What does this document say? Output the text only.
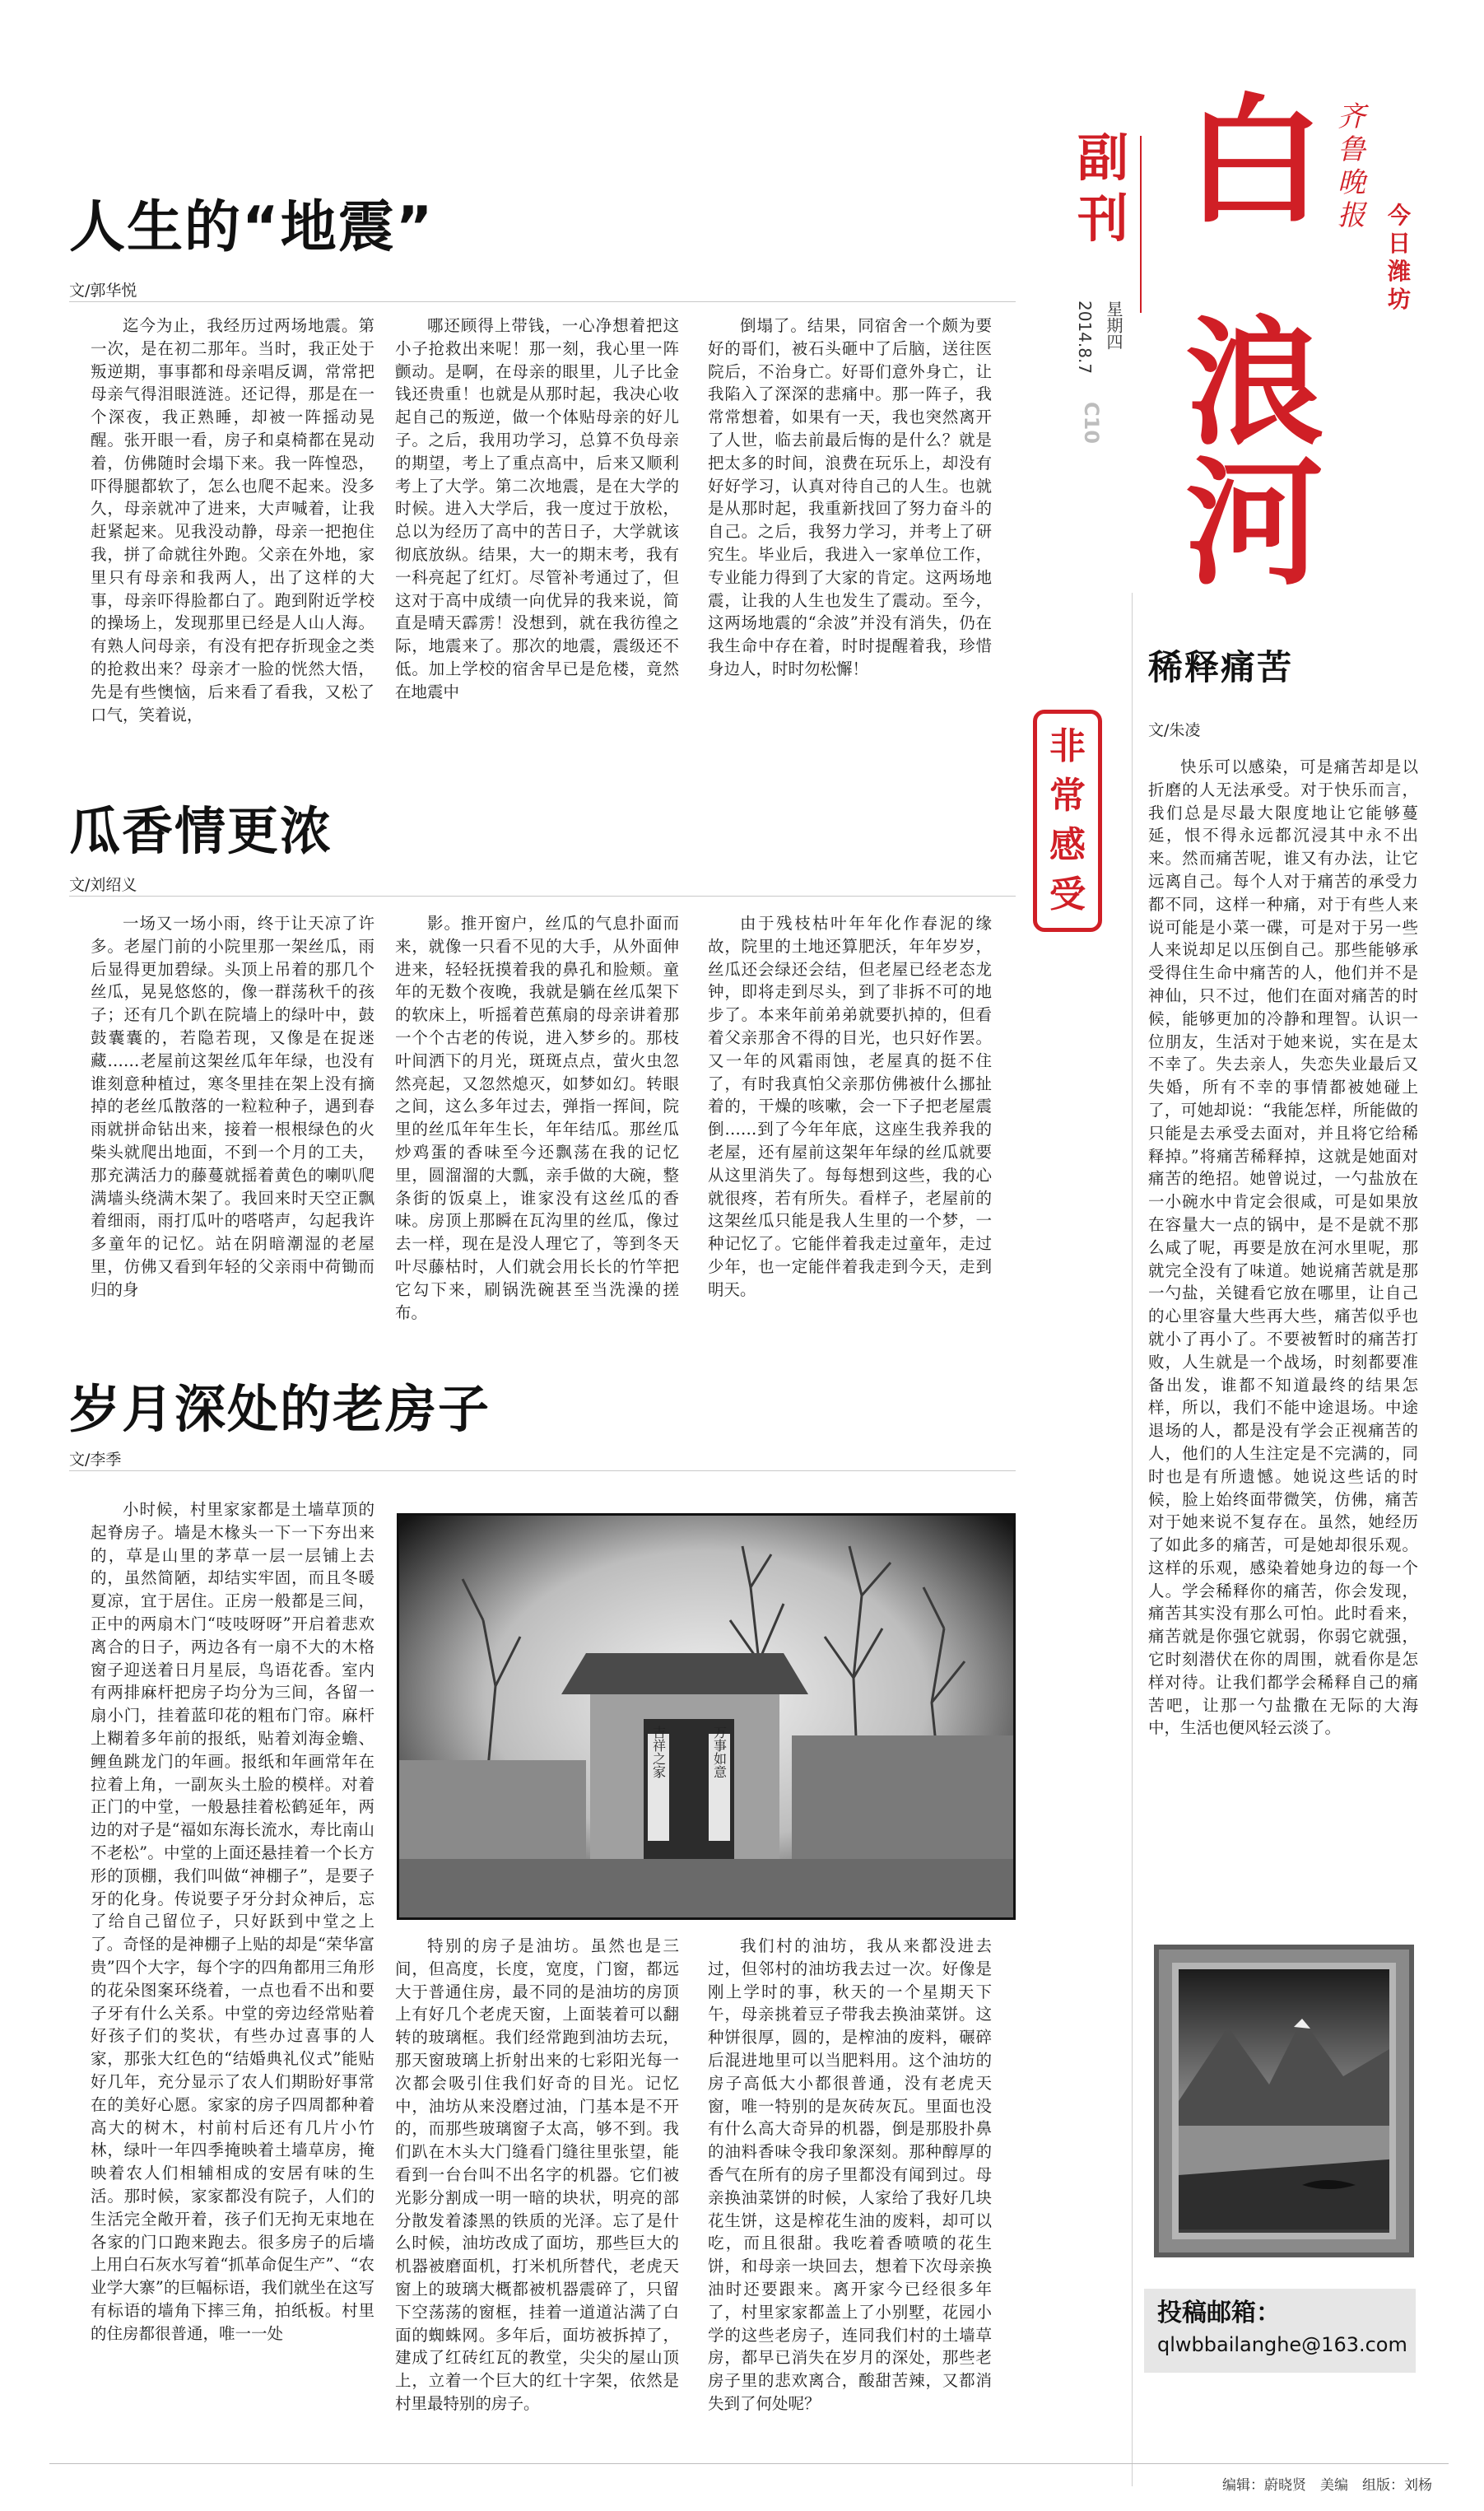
白
浪
河
齐鲁晚报 今日潍坊
副刊
2014.8.7 星期四
C10
人生的“地震”
文/郭华悦

迄今为止，我经历过两场地震。第一次，是在初二那年。当时，我正处于叛逆期，事事都和母亲唱反调，常常把母亲气得泪眼涟涟。还记得，那是在一个深夜，我正熟睡，却被一阵摇动晃醒。张开眼一看，房子和桌椅都在晃动着，仿佛随时会塌下来。我一阵惶恐，吓得腿都软了，怎么也爬不起来。没多久，母亲就冲了进来，大声喊着，让我赶紧起来。见我没动静，母亲一把抱住我，拼了命就往外跑。父亲在外地，家里只有母亲和我两人，出了这样的大事，母亲吓得脸都白了。跑到附近学校的操场上，发现那里已经是人山人海。有熟人问母亲，有没有把存折现金之类的抢救出来？母亲才一脸的恍然大悟，先是有些懊恼，后来看了看我，又松了口气，笑着说，

哪还顾得上带钱，一心净想着把这小子抢救出来呢！那一刻，我心里一阵颤动。是啊，在母亲的眼里，儿子比金钱还贵重！也就是从那时起，我决心收起自己的叛逆，做一个体贴母亲的好儿子。之后，我用功学习，总算不负母亲的期望，考上了重点高中，后来又顺利考上了大学。第二次地震，是在大学的时候。进入大学后，我一度过于放松，总以为经历了高中的苦日子，大学就该彻底放纵。结果，大一的期末考，我有一科亮起了红灯。尽管补考通过了，但这对于高中成绩一向优异的我来说，简直是晴天霹雳！没想到，就在我彷徨之际，地震来了。那次的地震，震级还不低。加上学校的宿舍早已是危楼，竟然在地震中

倒塌了。结果，同宿舍一个颇为要好的哥们，被石头砸中了后脑，送往医院后，不治身亡。好哥们意外身亡，让我陷入了深深的悲痛中。那一阵子，我常常想着，如果有一天，我也突然离开了人世，临去前最后悔的是什么？就是把太多的时间，浪费在玩乐上，却没有好好学习，认真对待自己的人生。也就是从那时起，我重新找回了努力奋斗的自己。之后，我努力学习，并考上了研究生。毕业后，我进入一家单位工作，专业能力得到了大家的肯定。这两场地震，让我的人生也发生了震动。至今，这两场地震的“余波”并没有消失，仍在我生命中存在着，时时提醒着我，珍惜身边人，时时勿松懈！

瓜香情更浓
文/刘绍义

一场又一场小雨，终于让天凉了许多。老屋门前的小院里那一架丝瓜，雨后显得更加碧绿。头顶上吊着的那几个丝瓜，晃晃悠悠的，像一群荡秋千的孩子；还有几个趴在院墙上的绿叶中，鼓鼓囊囊的，若隐若现，又像是在捉迷藏……老屋前这架丝瓜年年绿，也没有谁刻意种植过，寒冬里挂在架上没有摘掉的老丝瓜散落的一粒粒种子，遇到春雨就拼命钻出来，接着一根根绿色的火柴头就爬出地面，不到一个月的工夫，那充满活力的藤蔓就摇着黄色的喇叭爬满墙头绕满木架了。我回来时天空正飘着细雨，雨打瓜叶的嗒嗒声，勾起我许多童年的记忆。站在阴暗潮湿的老屋里，仿佛又看到年轻的父亲雨中荷锄而归的身

影。推开窗户，丝瓜的气息扑面而来，就像一只看不见的大手，从外面伸进来，轻轻抚摸着我的鼻孔和脸颊。童年的无数个夜晚，我就是躺在丝瓜架下的软床上，听摇着芭蕉扇的母亲讲着那一个个古老的传说，进入梦乡的。那枝叶间洒下的月光，斑斑点点，萤火虫忽然亮起，又忽然熄灭，如梦如幻。转眼之间，这么多年过去，弹指一挥间，院里的丝瓜年年生长，年年结瓜。那丝瓜炒鸡蛋的香味至今还飘荡在我的记忆里，圆溜溜的大瓢，亲手做的大碗，整条街的饭桌上，谁家没有这丝瓜的香味。房顶上那瞬在瓦沟里的丝瓜，像过去一样，现在是没人理它了，等到冬天叶尽藤枯时，人们就会用长长的竹竿把它勾下来，刷锅洗碗甚至当洗澡的搓布。

由于残枝枯叶年年化作春泥的缘故，院里的土地还算肥沃，年年岁岁，丝瓜还会绿还会结，但老屋已经老态龙钟，即将走到尽头，到了非拆不可的地步了。本来年前弟弟就要扒掉的，但看着父亲那舍不得的目光，也只好作罢。又一年的风霜雨蚀，老屋真的挺不住了，有时我真怕父亲那仿佛被什么挪扯着的，干燥的咳嗽，会一下子把老屋震倒……到了今年年底，这座生我养我的老屋，还有屋前这架年年绿的丝瓜就要从这里消失了。每每想到这些，我的心就很疼，若有所失。看样子，老屋前的这架丝瓜只能是我人生里的一个梦，一种记忆了。它能伴着我走过童年，走过少年，也一定能伴着我走到今天，走到明天。

岁月深处的老房子
文/李季

小时候，村里家家都是土墙草顶的起脊房子。墙是木椽头一下一下夯出来的，草是山里的茅草一层一层铺上去的，虽然简陋，却结实牢固，而且冬暖夏凉，宜于居住。正房一般都是三间，正中的两扇木门“吱吱呀呀”开启着悲欢离合的日子，两边各有一扇不大的木格窗子迎送着日月星辰，鸟语花香。室内有两排麻杆把房子均分为三间，各留一扇小门，挂着蓝印花的粗布门帘。麻杆上糊着多年前的报纸，贴着刘海金蟾、鲤鱼跳龙门的年画。报纸和年画常年在拉着上角，一副灰头土脸的模样。对着正门的中堂，一般悬挂着松鹤延年，两边的对子是“福如东海长流水，寿比南山不老松”。中堂的上面还悬挂着一个长方形的顶棚，我们叫做“神棚子”，是要子牙的化身。传说要子牙分封众神后，忘了给自己留位子，只好跃到中堂之上了。奇怪的是神棚子上贴的却是“荣华富贵”四个大字，每个字的四角都用三角形的花朵图案环绕着，一点也看不出和要子牙有什么关系。中堂的旁边经常贴着好孩子们的奖状，有些办过喜事的人家，那张大红色的“结婚典礼仪式”能贴好几年，充分显示了农人们期盼好事常在的美好心愿。家家的房子四周都种着高大的树木，村前村后还有几片小竹林，绿叶一年四季掩映着土墙草房，掩映着农人们相辅相成的安居有味的生活。那时候，家家都没有院子，人们的生活完全敞开着，孩子们无拘无束地在各家的门口跑来跑去。很多房子的后墙上用白石灰水写着“抓革命促生产”、“农业学大寨”的巨幅标语，我们就坐在这写有标语的墙角下摔三角，拍纸板。村里的住房都很普通，唯一一处

特别的房子是油坊。虽然也是三间，但高度，长度，宽度，门窗，都远大于普通住房，最不同的是油坊的房顶上有好几个老虎天窗，上面装着可以翻转的玻璃框。我们经常跑到油坊去玩，那天窗玻璃上折射出来的七彩阳光每一次都会吸引住我们好奇的目光。记忆中，油坊从来没磨过油，门基本是不开的，而那些玻璃窗子太高，够不到。我们趴在木头大门缝看门缝往里张望，能看到一台台叫不出名字的机器。它们被光影分割成一明一暗的块状，明亮的部分散发着漆黑的铁质的光泽。忘了是什么时候，油坊改成了面坊，那些巨大的机器被磨面机，打米机所替代，老虎天窗上的玻璃大概都被机器震碎了，只留下空荡荡的窗框，挂着一道道沾满了白面的蜘蛛网。多年后，面坊被拆掉了，建成了红砖红瓦的教堂，尖尖的屋山顶上，立着一个巨大的红十字架，依然是村里最特别的房子。

我们村的油坊，我从来都没进去过，但邻村的油坊我去过一次。好像是刚上学时的事，秋天的一个星期天下午，母亲挑着豆子带我去换油菜饼。这种饼很厚，圆的，是榨油的废料，碾碎后混进地里可以当肥料用。这个油坊的房子高低大小都很普通，没有老虎天窗，唯一特别的是灰砖灰瓦。里面也没有什么高大奇异的机器，倒是那股扑鼻的油料香味令我印象深刻。那种醇厚的香气在所有的房子里都没有闻到过。母亲换油菜饼的时候，人家给了我好几块花生饼，这是榨花生油的废料，却可以吃，而且很甜。我吃着香喷喷的花生饼，和母亲一块回去，想着下次母亲换油时还要跟来。离开家今已经很多年了，村里家家都盖上了小别墅，花园小学的这些老房子，连同我们村的土墙草房，都早已消失在岁月的深处，那些老房子里的悲欢离合，酸甜苦辣，又都消失到了何处呢？

吉祥之家	万事如意
非
常
感
受
稀释痛苦
文/朱凌

快乐可以感染，可是痛苦却是以折磨的人无法承受。对于快乐而言，我们总是尽最大限度地让它能够蔓延，恨不得永远都沉浸其中永不出来。然而痛苦呢，谁又有办法，让它远离自己。每个人对于痛苦的承受力都不同，这样一种痛，对于有些人来说可能是小菜一碟，可是对于另一些人来说却足以压倒自己。那些能够承受得住生命中痛苦的人，他们并不是神仙，只不过，他们在面对痛苦的时候，能够更加的冷静和理智。认识一位朋友，生活对于她来说，实在是太不幸了。失去亲人，失恋失业最后又失婚，所有不幸的事情都被她碰上了，可她却说：“我能怎样，所能做的只能是去承受去面对，并且将它给稀释掉。”将痛苦稀释掉，这就是她面对痛苦的绝招。她曾说过，一勺盐放在一小碗水中肯定会很咸，可是如果放在容量大一点的锅中，是不是就不那么咸了呢，再要是放在河水里呢，那就完全没有了味道。她说痛苦就是那一勺盐，关键看它放在哪里，让自己的心里容量大些再大些，痛苦似乎也就小了再小了。不要被暂时的痛苦打败，人生就是一个战场，时刻都要准备出发，谁都不知道最终的结果怎样，所以，我们不能中途退场。中途退场的人，都是没有学会正视痛苦的人，他们的人生注定是不完满的，同时也是有所遗憾。她说这些话的时候，脸上始终面带微笑，仿佛，痛苦对于她来说不复存在。虽然，她经历了如此多的痛苦，可是她却很乐观。这样的乐观，感染着她身边的每一个人。学会稀释你的痛苦，你会发现，痛苦其实没有那么可怕。此时看来，痛苦就是你强它就弱，你弱它就强，它时刻潜伏在你的周围，就看你是怎样对待。让我们都学会稀释自己的痛苦吧，让那一勺盐撒在无际的大海中，生活也便风轻云淡了。

投稿邮箱：
qlwbbailanghe@163.com
编辑：蔚晓贤　美编　组版：刘杨
